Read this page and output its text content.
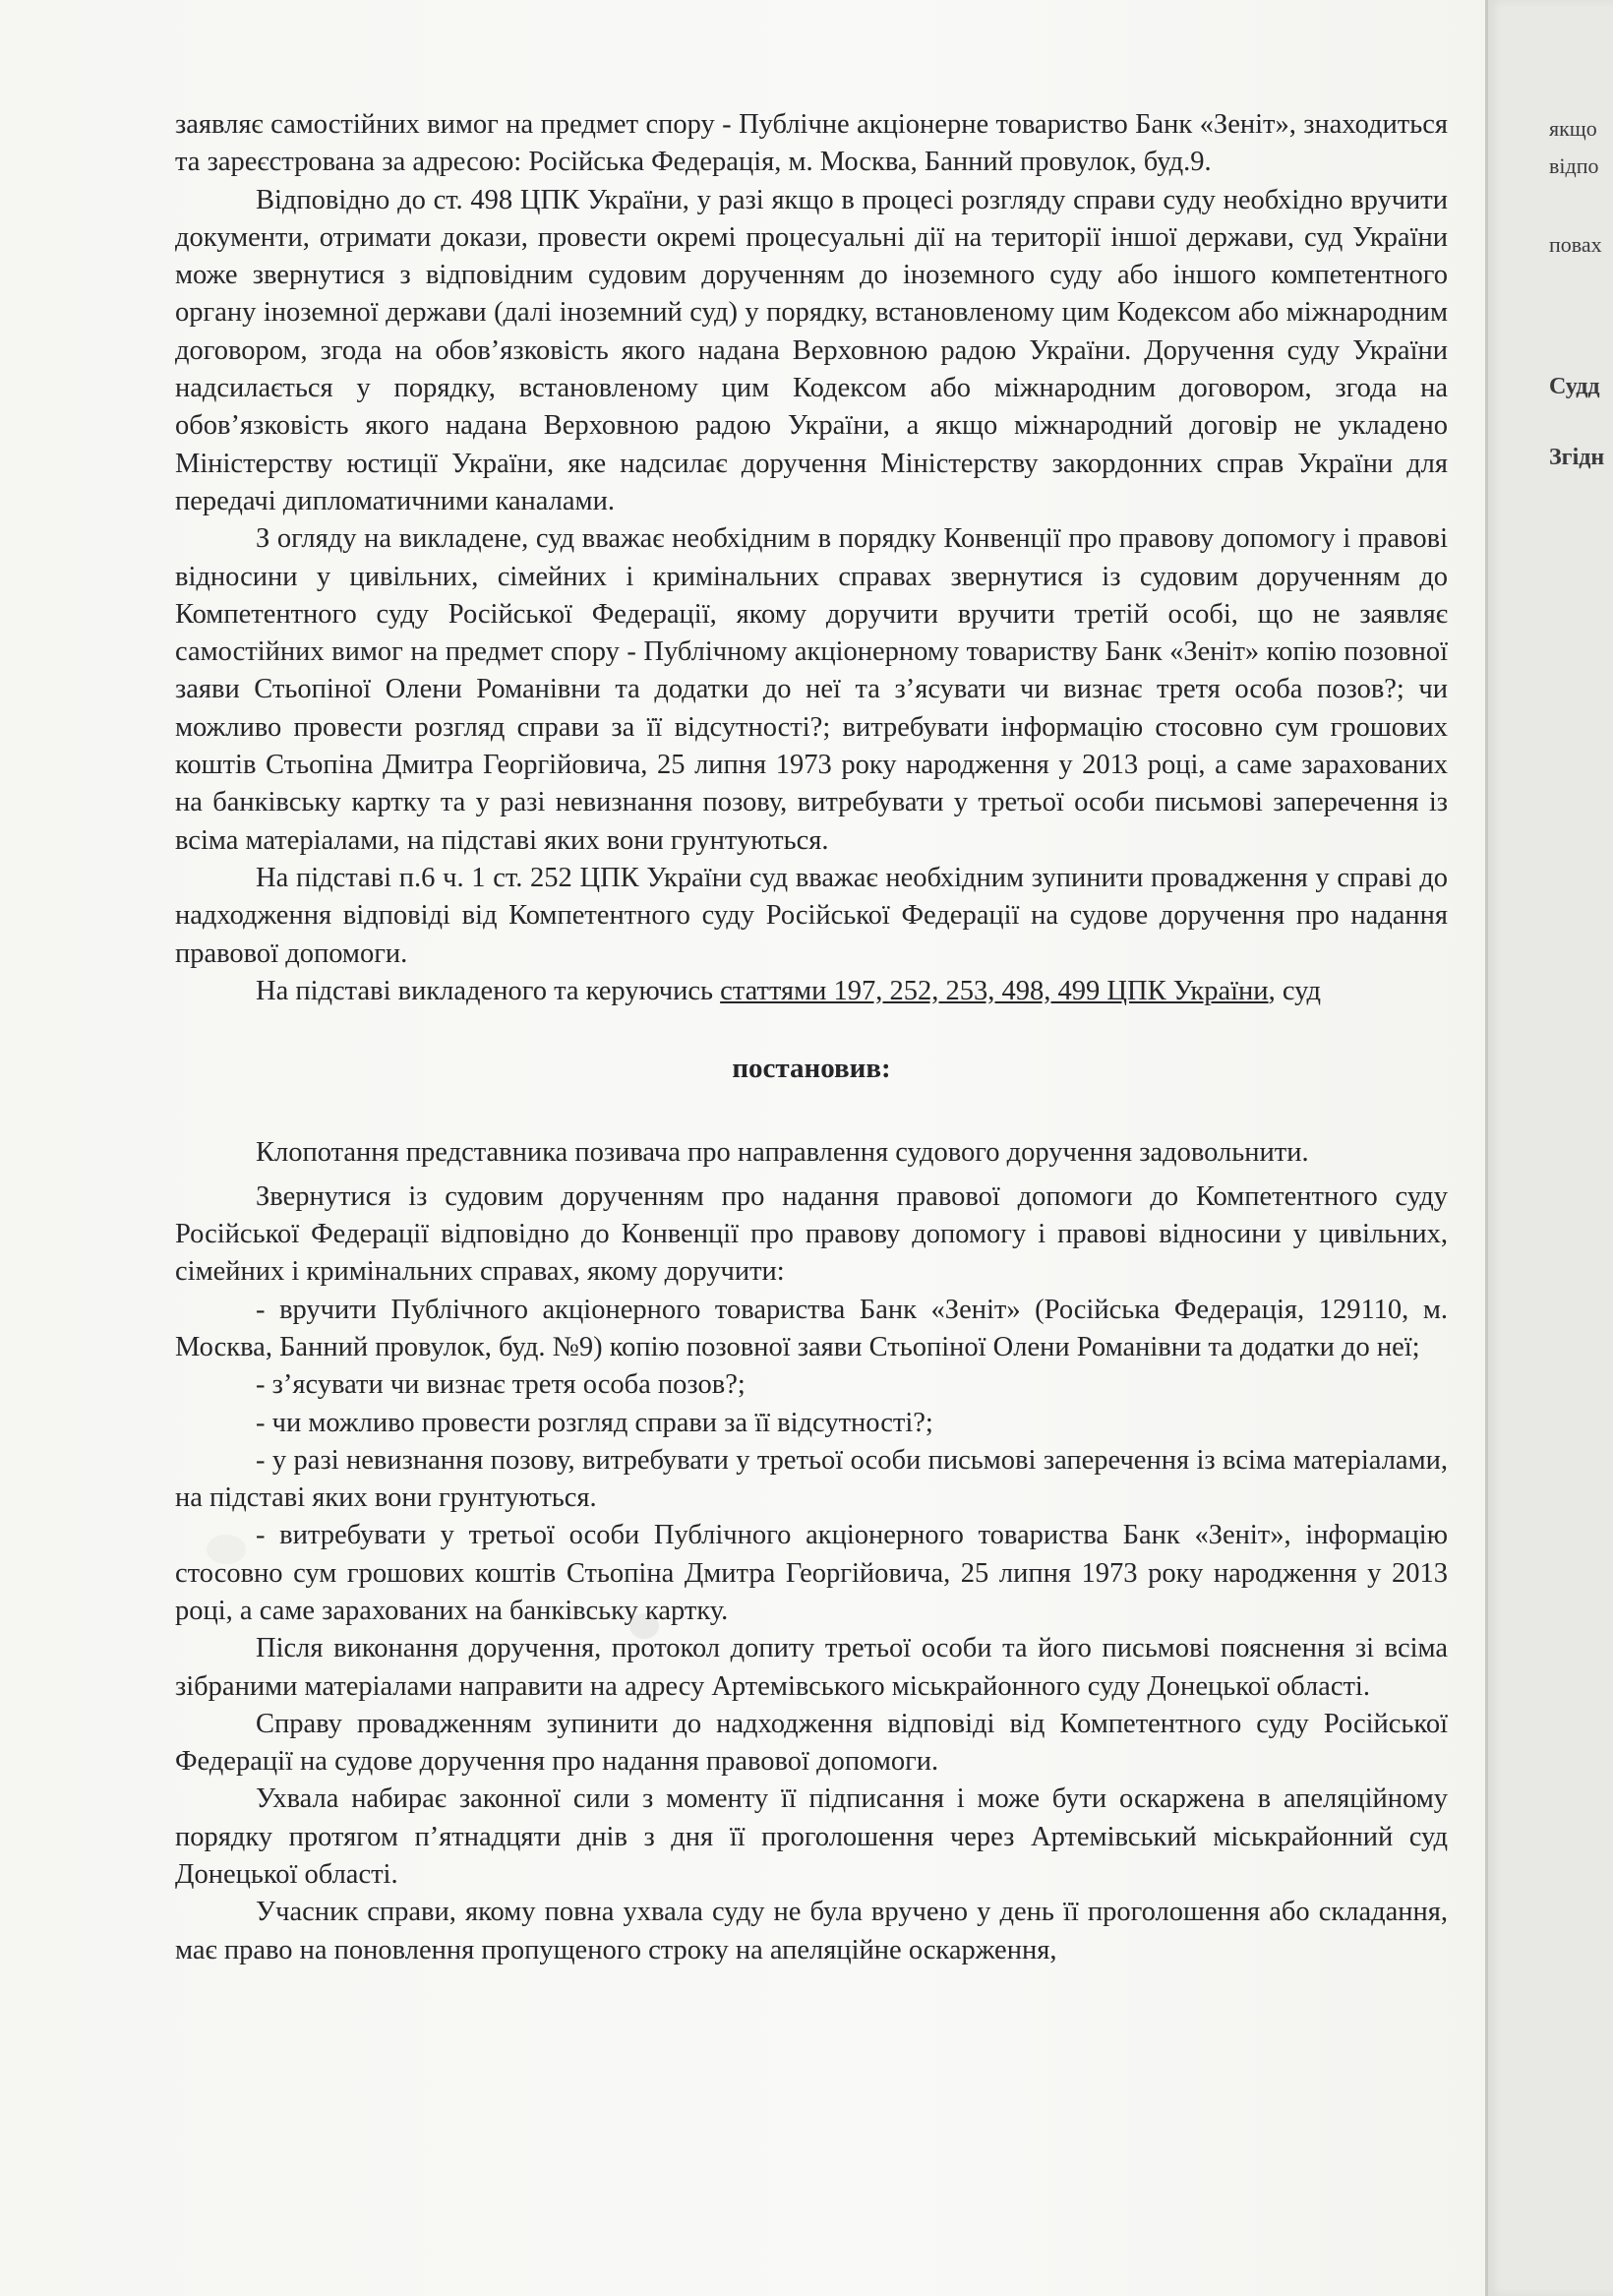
заявляє самостійних вимог на предмет спору - Публічне акціонерне товариство Банк «Зеніт», знаходиться та зареєстрована за адресою: Російська Федерація, м. Москва, Банний провулок, буд.9.

Відповідно до ст. 498 ЦПК України, у разі якщо в процесі розгляду справи суду необхідно вручити документи, отримати докази, провести окремі процесуальні дії на території іншої держави, суд України може звернутися з відповідним судовим дорученням до іноземного суду або іншого компетентного органу іноземної держави (далі іноземний суд) у порядку, встановленому цим Кодексом або міжнародним договором, згода на обов’язковість якого надана Верховною радою України. Доручення суду України надсилається у порядку, встановленому цим Кодексом або міжнародним договором, згода на обов’язковість якого надана Верховною радою України, а якщо міжнародний договір не укладено Міністерству юстиції України, яке надсилає доручення Міністерству закордонних справ України для передачі дипломатичними каналами.

З огляду на викладене, суд вважає необхідним в порядку Конвенції про правову допомогу і правові відносини у цивільних, сімейних і кримінальних справах звернутися із судовим дорученням до Компетентного суду Російської Федерації, якому доручити вручити третій особі, що не заявляє самостійних вимог на предмет спору - Публічному акціонерному товариству Банк «Зеніт» копію позовної заяви Стьопіної Олени Романівни та додатки до неї та з’ясувати чи визнає третя особа позов?; чи можливо провести розгляд справи за її відсутності?; витребувати інформацію стосовно сум грошових коштів Стьопіна Дмитра Георгійовича, 25 липня 1973 року народження у 2013 році, а саме зарахованих на банківську картку та у разі невизнання позову, витребувати у третьої особи письмові заперечення із всіма матеріалами, на підставі яких вони грунтуються.

На підставі п.6 ч. 1 ст. 252 ЦПК України суд вважає необхідним зупинити провадження у справі до надходження відповіді від Компетентного суду Російської Федерації на судове доручення про надання правової допомоги.

На підставі викладеного та керуючись статтями 197, 252, 253, 498, 499 ЦПК України, суд

постановив:

Клопотання представника позивача про направлення судового доручення задовольнити.

Звернутися із судовим дорученням про надання правової допомоги до Компетентного суду Російської Федерації відповідно до Конвенції про правову допомогу і правові відносини у цивільних, сімейних і кримінальних справах, якому доручити:

- вручити Публічного акціонерного товариства Банк «Зеніт» (Російська Федерація, 129110, м. Москва, Банний провулок, буд. №9) копію позовної заяви Стьопіної Олени Романівни та додатки до неї;

- з’ясувати чи визнає третя особа позов?;

- чи можливо провести розгляд справи за її відсутності?;

- у разі невизнання позову, витребувати у третьої особи письмові заперечення із всіма матеріалами, на підставі яких вони грунтуються.

- витребувати у третьої особи Публічного акціонерного товариства Банк «Зеніт», інформацію стосовно сум грошових коштів Стьопіна Дмитра Георгійовича, 25 липня 1973 року народження у 2013 році, а саме зарахованих на банківську картку.

Після виконання доручення, протокол допиту третьої особи та його письмові пояснення зі всіма зібраними матеріалами направити на адресу Артемівського міськрайонного суду Донецької області.

Справу провадженням зупинити до надходження відповіді від Компетентного суду Російської Федерації на судове доручення про надання правової допомоги.

Ухвала набирає законної сили з моменту її підписання і може бути оскаржена в апеляційному порядку протягом п’ятнадцяти днів з дня її проголошення через Артемівський міськрайонний суд Донецької області.

Учасник справи, якому повна ухвала суду не була вручено у день її проголошення або складання, має право на поновлення пропущеного строку на апеляційне оскарження,

якщо
відпо
повах
Судд
Згідн
